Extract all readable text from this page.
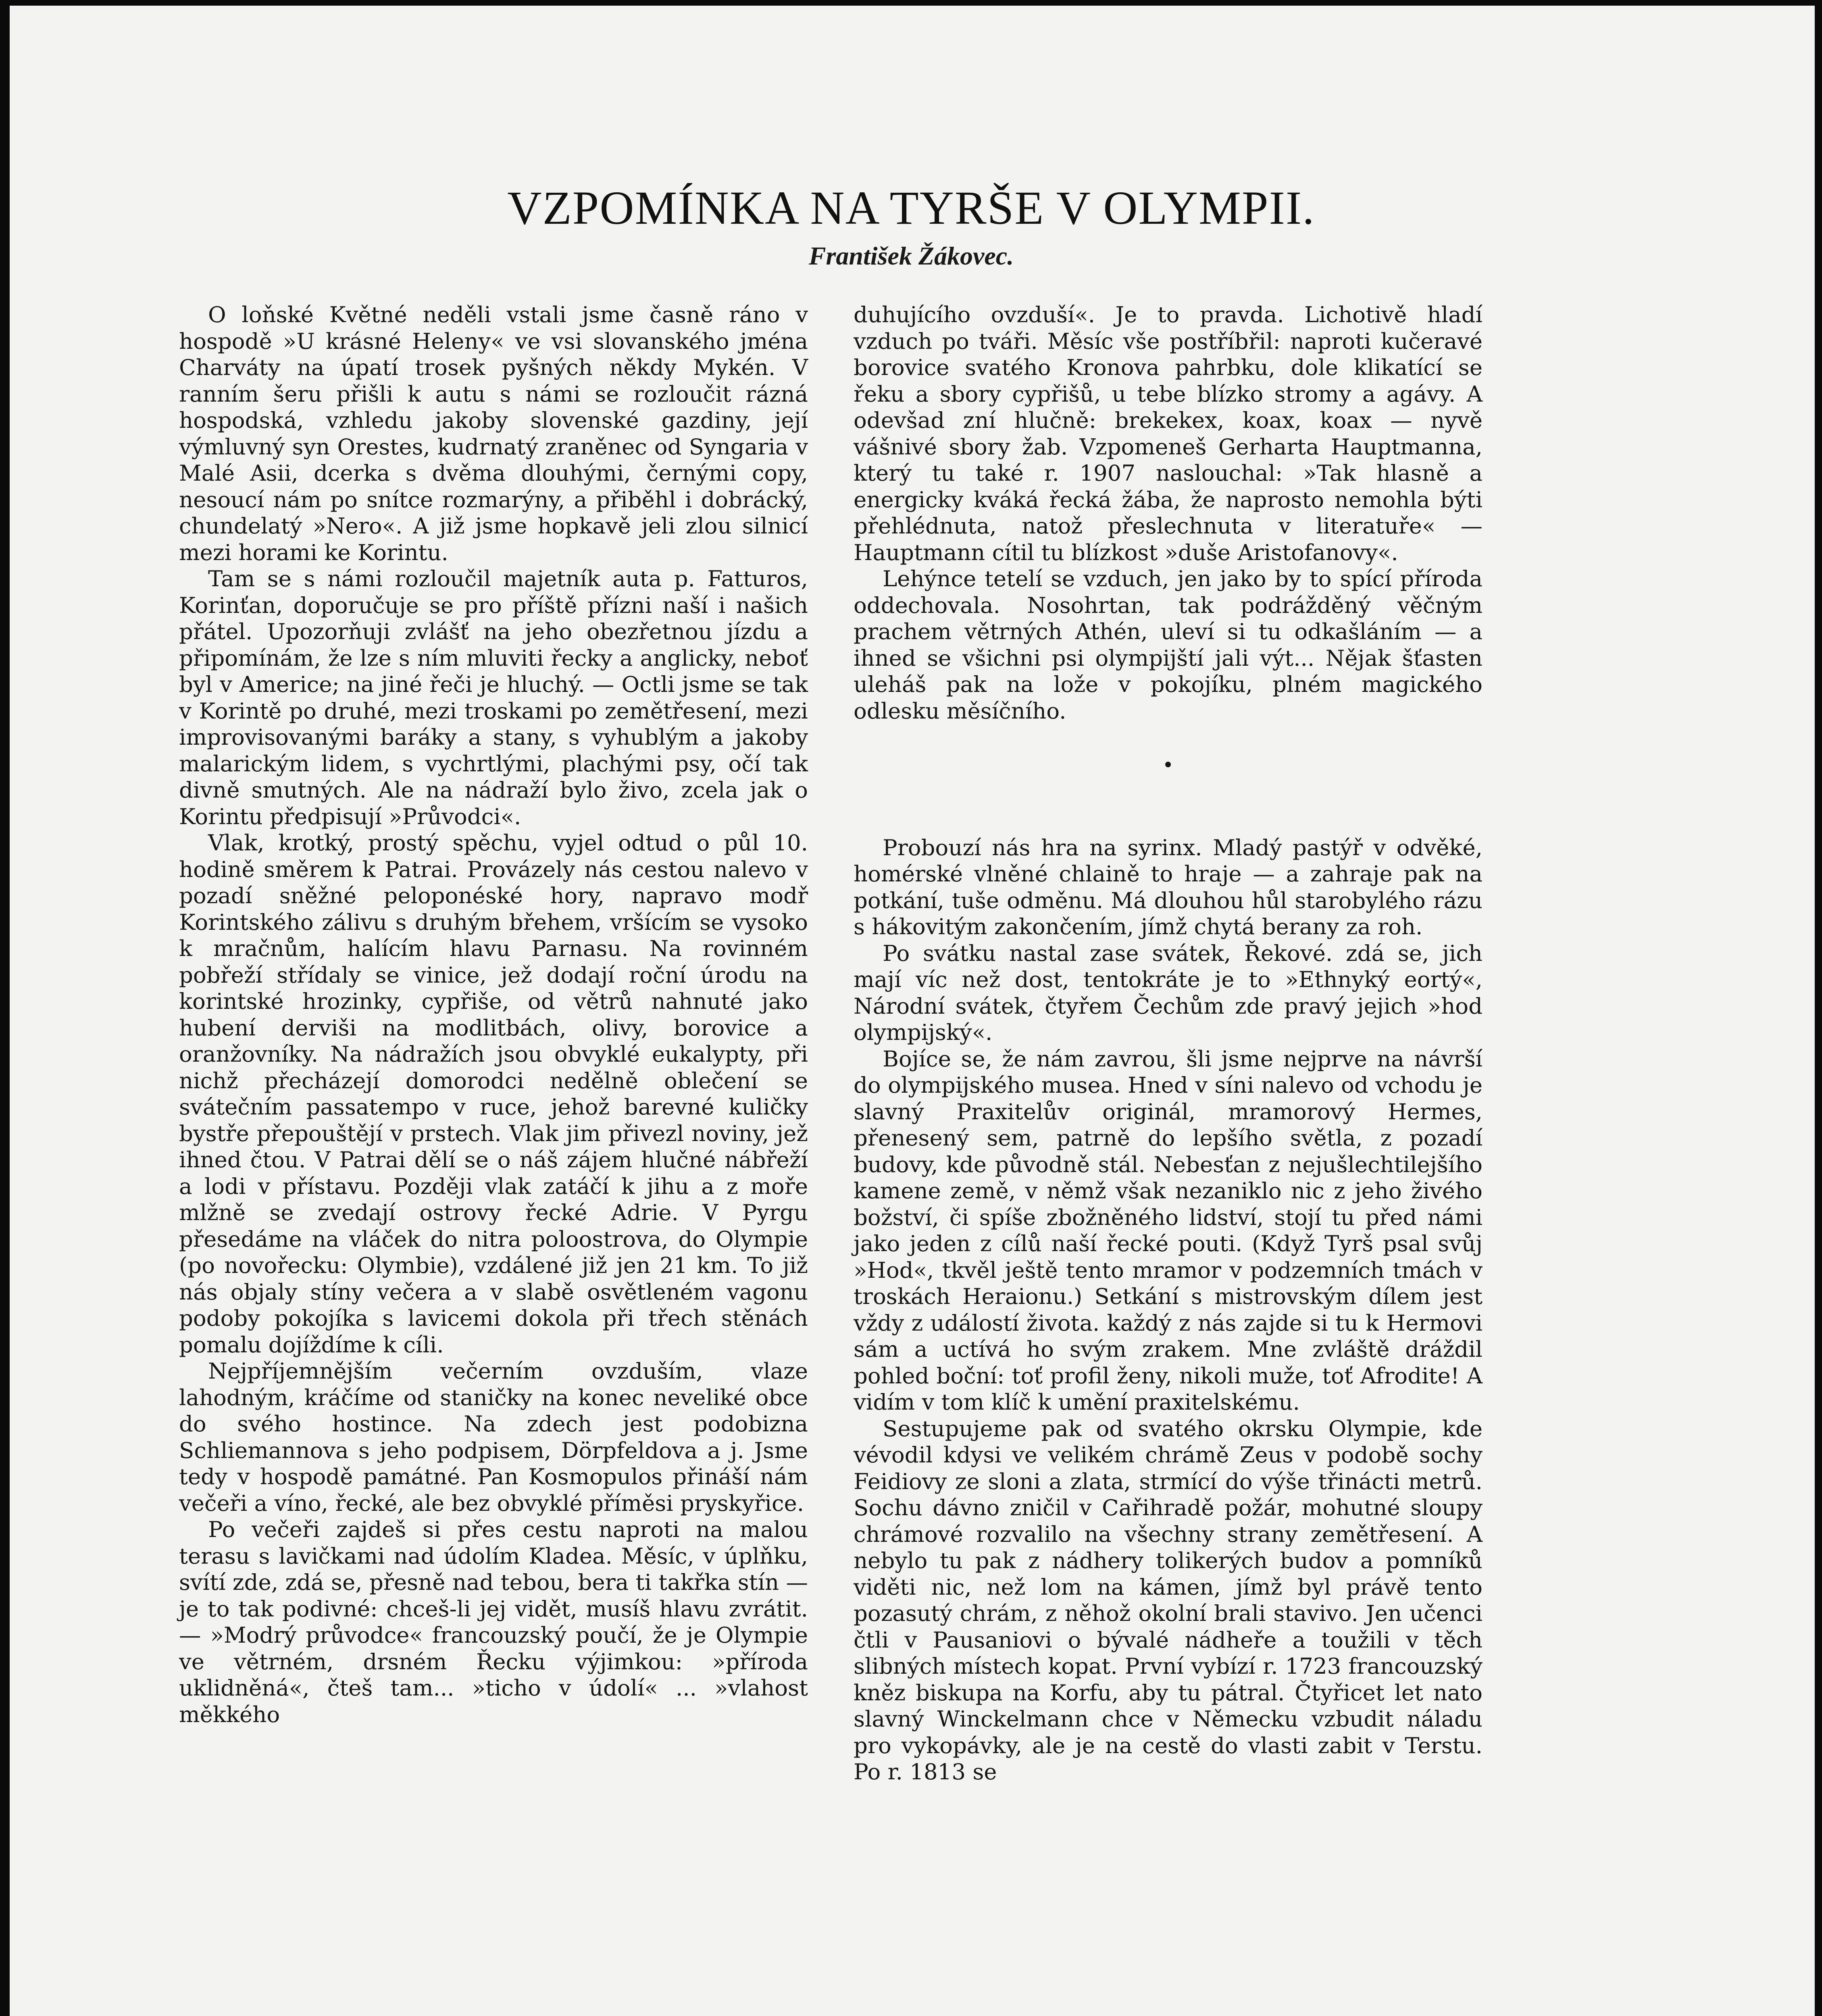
VZPOMÍNKA NA TYRŠE V OLYMPII.
František Žákovec.

O loňské Květné neděli vstali jsme časně ráno v hospodě »U krásné Heleny« ve vsi slovanského jména Charváty na úpatí trosek pyšných někdy Mykén. V ranním šeru přišli k autu s námi se rozloučit rázná hospodská, vzhledu jakoby slovenské gazdiny, její výmluvný syn Orestes, kudrnatý zraněnec od Syngaria v Malé Asii, dcerka s dvěma dlouhými, černými copy, nesoucí nám po snítce rozmarýny, a přiběhl i dobrácký, chundelatý »Nero«. A již jsme hopkavě jeli zlou silnicí mezi horami ke Korintu.

Tam se s námi rozloučil majetník auta p. Fatturos, Korinťan, doporučuje se pro příště přízni naší i našich přátel. Upozorňuji zvlášť na jeho obezřetnou jízdu a připomínám, že lze s ním mluviti řecky a anglicky, neboť byl v Americe; na jiné řeči je hluchý. — Octli jsme se tak v Korintě po druhé, mezi troskami po zemětřesení, mezi improvisovanými baráky a stany, s vyhublým a jakoby malarickým lidem, s vychrtlými, plachými psy, očí tak divně smutných. Ale na nádraží bylo živo, zcela jak o Korintu předpisují »Průvodci«.

Vlak, krotký, prostý spěchu, vyjel odtud o půl 10. hodině směrem k Patrai. Provázely nás cestou nalevo v pozadí sněžné peloponéské hory, napravo modř Korintského zálivu s druhým břehem, vršícím se vysoko k mračnům, halícím hlavu Parnasu. Na rovinném pobřeží střídaly se vinice, jež dodají roční úrodu na korintské hrozinky, cypřiše, od větrů nahnuté jako hubení derviši na modlitbách, olivy, borovice a oranžovníky. Na nádražích jsou obvyklé eukalypty, při nichž přecházejí domorodci nedělně oblečení se svátečním passatempo v ruce, jehož barevné kuličky bystře přepouštějí v prstech. Vlak jim přivezl noviny, jež ihned čtou. V Patrai dělí se o náš zájem hlučné nábřeží a lodi v přístavu. Později vlak zatáčí k jihu a z moře mlžně se zvedají ostrovy řecké Adrie. V Pyrgu přesedáme na vláček do nitra poloostrova, do Olympie (po novořecku: Olymbie), vzdálené již jen 21 km. To již nás objaly stíny večera a v slabě osvětleném vagonu podoby pokojíka s lavicemi dokola při třech stěnách pomalu dojíždíme k cíli.

Nejpříjemnějším večerním ovzduším, vlaze lahodným, kráčíme od staničky na konec neveliké obce do svého hostince. Na zdech jest podobizna Schliemannova s jeho podpisem, Dörpfeldova a j. Jsme tedy v hospodě památné. Pan Kosmopulos přináší nám večeři a víno, řecké, ale bez obvyklé příměsi pryskyřice.

Po večeři zajdeš si přes cestu naproti na malou terasu s lavičkami nad údolím Kladea. Měsíc, v úplňku, svítí zde, zdá se, přesně nad tebou, bera ti takřka stín — je to tak podivné: chceš-li jej vidět, musíš hlavu zvrátit. — »Modrý průvodce« francouzský poučí, že je Olympie ve větrném, drsném Řecku výjimkou: »příroda uklidněná«, čteš tam... »ticho v údolí« ... »vlahost měkkého

duhujícího ovzduší«. Je to pravda. Lichotivě hladí vzduch po tváři. Měsíc vše postříbřil: naproti kučeravé borovice svatého Kronova pahrbku, dole klikatící se řeku a sbory cypřišů, u tebe blízko stromy a agávy. A odevšad zní hlučně: brekekex, koax, koax — nyvě vášnivé sbory žab. Vzpomeneš Gerharta Hauptmanna, který tu také r. 1907 naslouchal: »Tak hlasně a energicky kváká řecká žába, že naprosto nemohla býti přehlédnuta, natož přeslechnuta v literatuře« — Hauptmann cítil tu blízkost »duše Aristofanovy«.

Lehýnce tetelí se vzduch, jen jako by to spící příroda oddechovala. Nosohrtan, tak podrážděný věčným prachem větrných Athén, uleví si tu odkašláním — a ihned se všichni psi olympijští jali výt... Nějak šťasten uleháš pak na lože v pokojíku, plném magického odlesku měsíčního.

•

Probouzí nás hra na syrinx. Mladý pastýř v odvěké, homérské vlněné chlaině to hraje — a zahraje pak na potkání, tuše odměnu. Má dlouhou hůl starobylého rázu s hákovitým zakončením, jímž chytá berany za roh.

Po svátku nastal zase svátek, Řekové. zdá se, jich mají víc než dost, tentokráte je to »Ethnyký eortý«, Národní svátek, čtyřem Čechům zde pravý jejich »hod olympijský«.

Bojíce se, že nám zavrou, šli jsme nejprve na návrší do olympijského musea. Hned v síni nalevo od vchodu je slavný Praxitelův originál, mramorový Hermes, přenesený sem, patrně do lepšího světla, z pozadí budovy, kde původně stál. Nebesťan z nejušlechtilejšího kamene země, v němž však nezaniklo nic z jeho živého božství, či spíše zbožněného lidství, stojí tu před námi jako jeden z cílů naší řecké pouti. (Když Tyrš psal svůj »Hod«, tkvěl ještě tento mramor v podzemních tmách v troskách Heraionu.) Setkání s mistrovským dílem jest vždy z událostí života. každý z nás zajde si tu k Hermovi sám a uctívá ho svým zrakem. Mne zvláště dráždil pohled boční: toť profil ženy, nikoli muže, toť Afrodite! A vidím v tom klíč k umění praxitelskému.

Sestupujeme pak od svatého okrsku Olympie, kde vévodil kdysi ve velikém chrámě Zeus v podobě sochy Feidiovy ze sloni a zlata, strmící do výše třinácti metrů. Sochu dávno zničil v Cařihradě požár, mohutné sloupy chrámové rozvalilo na všechny strany zemětřesení. A nebylo tu pak z nádhery tolikerých budov a pomníků viděti nic, než lom na kámen, jímž byl právě tento pozasutý chrám, z něhož okolní brali stavivo. Jen učenci čtli v Pausaniovi o bývalé nádheře a toužili v těch slibných místech kopat. První vybízí r. 1723 francouzský kněz biskupa na Korfu, aby tu pátral. Čtyřicet let nato slavný Winckelmann chce v Německu vzbudit náladu pro vykopávky, ale je na cestě do vlasti zabit v Terstu. Po r. 1813 se
